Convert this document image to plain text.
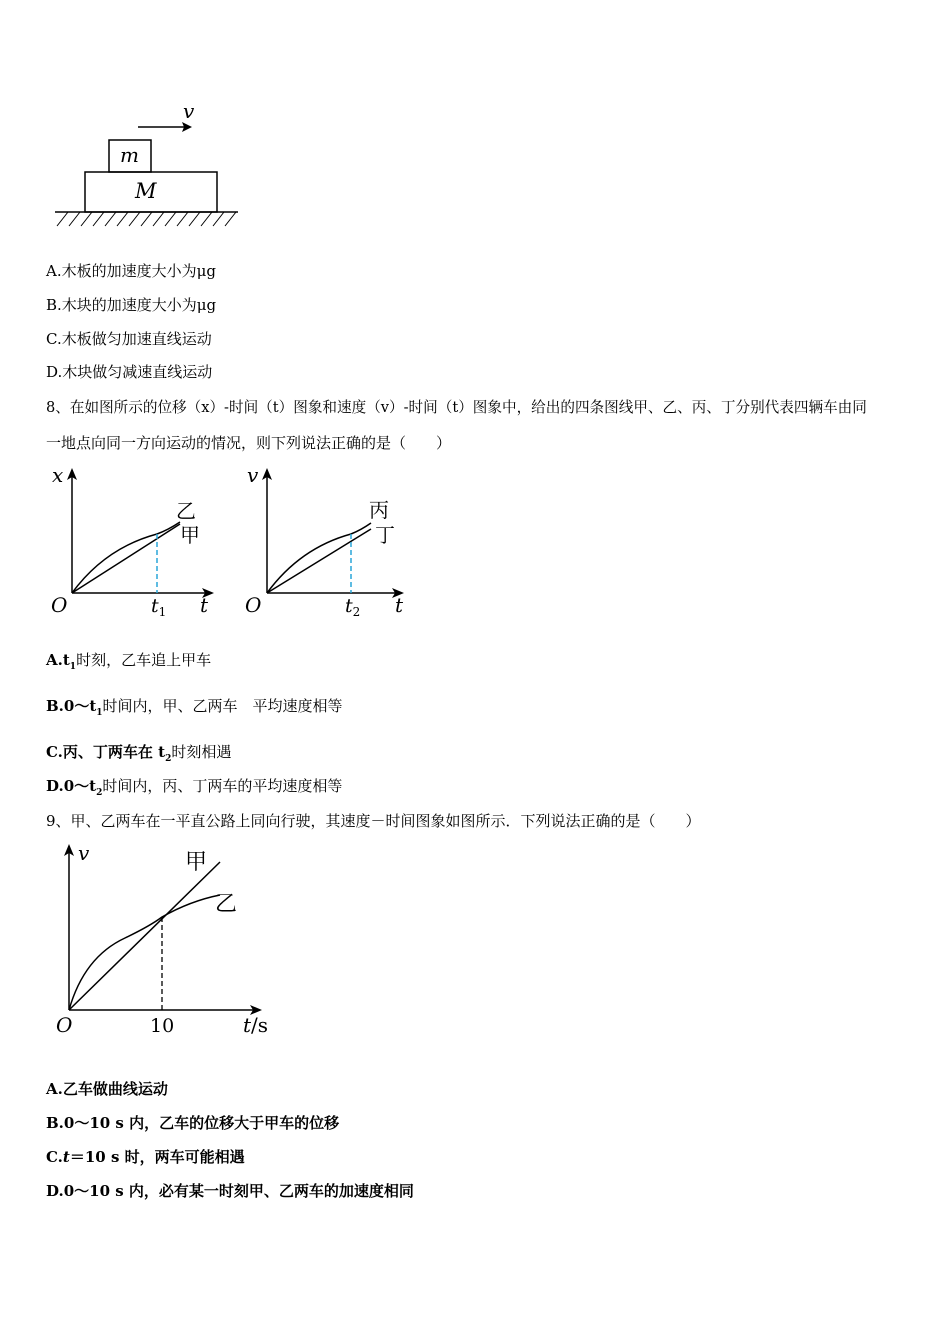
v
m
M
A.木板的加速度大小为μg
B.木块的加速度大小为μg
C.木板做匀加速直线运动
D.木块做匀减速直线运动
8、在如图所示的位移（x）-时间（t）图象和速度（v）-时间（t）图象中，给出的四条图线甲、乙、丙、丁分别代表四辆车由同
一地点向同一方向运动的情况，则下列说法正确的是（　　）
x
O	t
$t_1$
乙
甲
v
O	t
$t_2$
丙
丁
$A.t_1$时刻，乙车追上甲车
$B.0\sim t_1$时间内，甲、乙两车　平均速度相等
C.丙、丁两车在 $t_2$时刻相遇
$D.0\sim t_2$时间内，丙、丁两车的平均速度相等
9、甲、乙两车在一平直公路上同向行驶，其速度－时间图象如图所示．下列说法正确的是（　　）
v
O	10	t/s
甲
乙
A.乙车做曲线运动
B.0～10 s 内，乙车的位移大于甲车的位移
C.t＝10 s 时，两车可能相遇
D.0～10 s 内，必有某一时刻甲、乙两车的加速度相同
